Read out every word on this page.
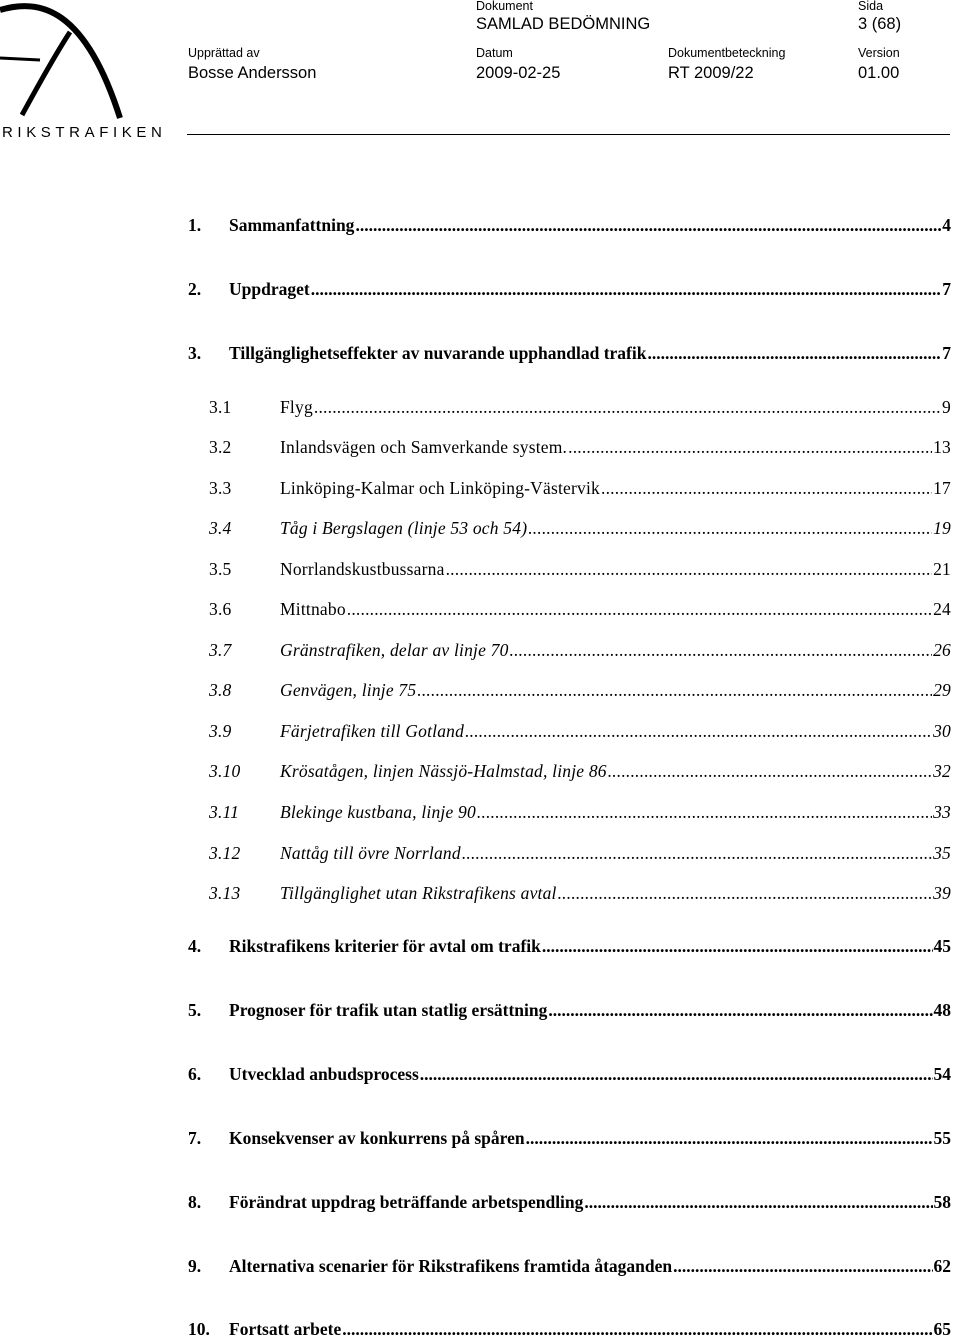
RIKSTRAFIKEN
Dokument
SAMLAD BEDÖMNING
Sida
3 (68)
Upprättad av
Bosse Andersson
Datum
2009-02-25
Dokumentbeteckning
RT 2009/22
Version
01.00
1.	Sammanfattning .....	4
2.	Uppdraget .....	7
3.	Tillgänglighetseffekter av nuvarande upphandlad trafik .....	7
3.1	Flyg .....	9
3.2	Inlandsvägen och Samverkande system. .....	13
3.3	Linköping-Kalmar och Linköping-Västervik .....	17
3.4	Tåg i Bergslagen (linje 53 och 54) .....	19
3.5	Norrlandskustbussarna .....	21
3.6	Mittnabo .....	24
3.7	Gränstrafiken, delar av linje 70 .....	26
3.8	Genvägen, linje 75 .....	29
3.9	Färjetrafiken till Gotland .....	30
3.10	Krösatågen, linjen Nässjö-Halmstad, linje 86 .....	32
3.11	Blekinge kustbana, linje 90 .....	33
3.12	Nattåg till övre Norrland .....	35
3.13	Tillgänglighet utan Rikstrafikens avtal .....	39
4.	Rikstrafikens kriterier för avtal om trafik .....	45
5.	Prognoser för trafik utan statlig ersättning .....	48
6.	Utvecklad anbudsprocess .....	54
7.	Konsekvenser av konkurrens på spåren .....	55
8.	Förändrat uppdrag beträffande arbetspendling .....	58
9.	Alternativa scenarier för Rikstrafikens framtida åtaganden .....	62
10.	Fortsatt arbete .....	65
